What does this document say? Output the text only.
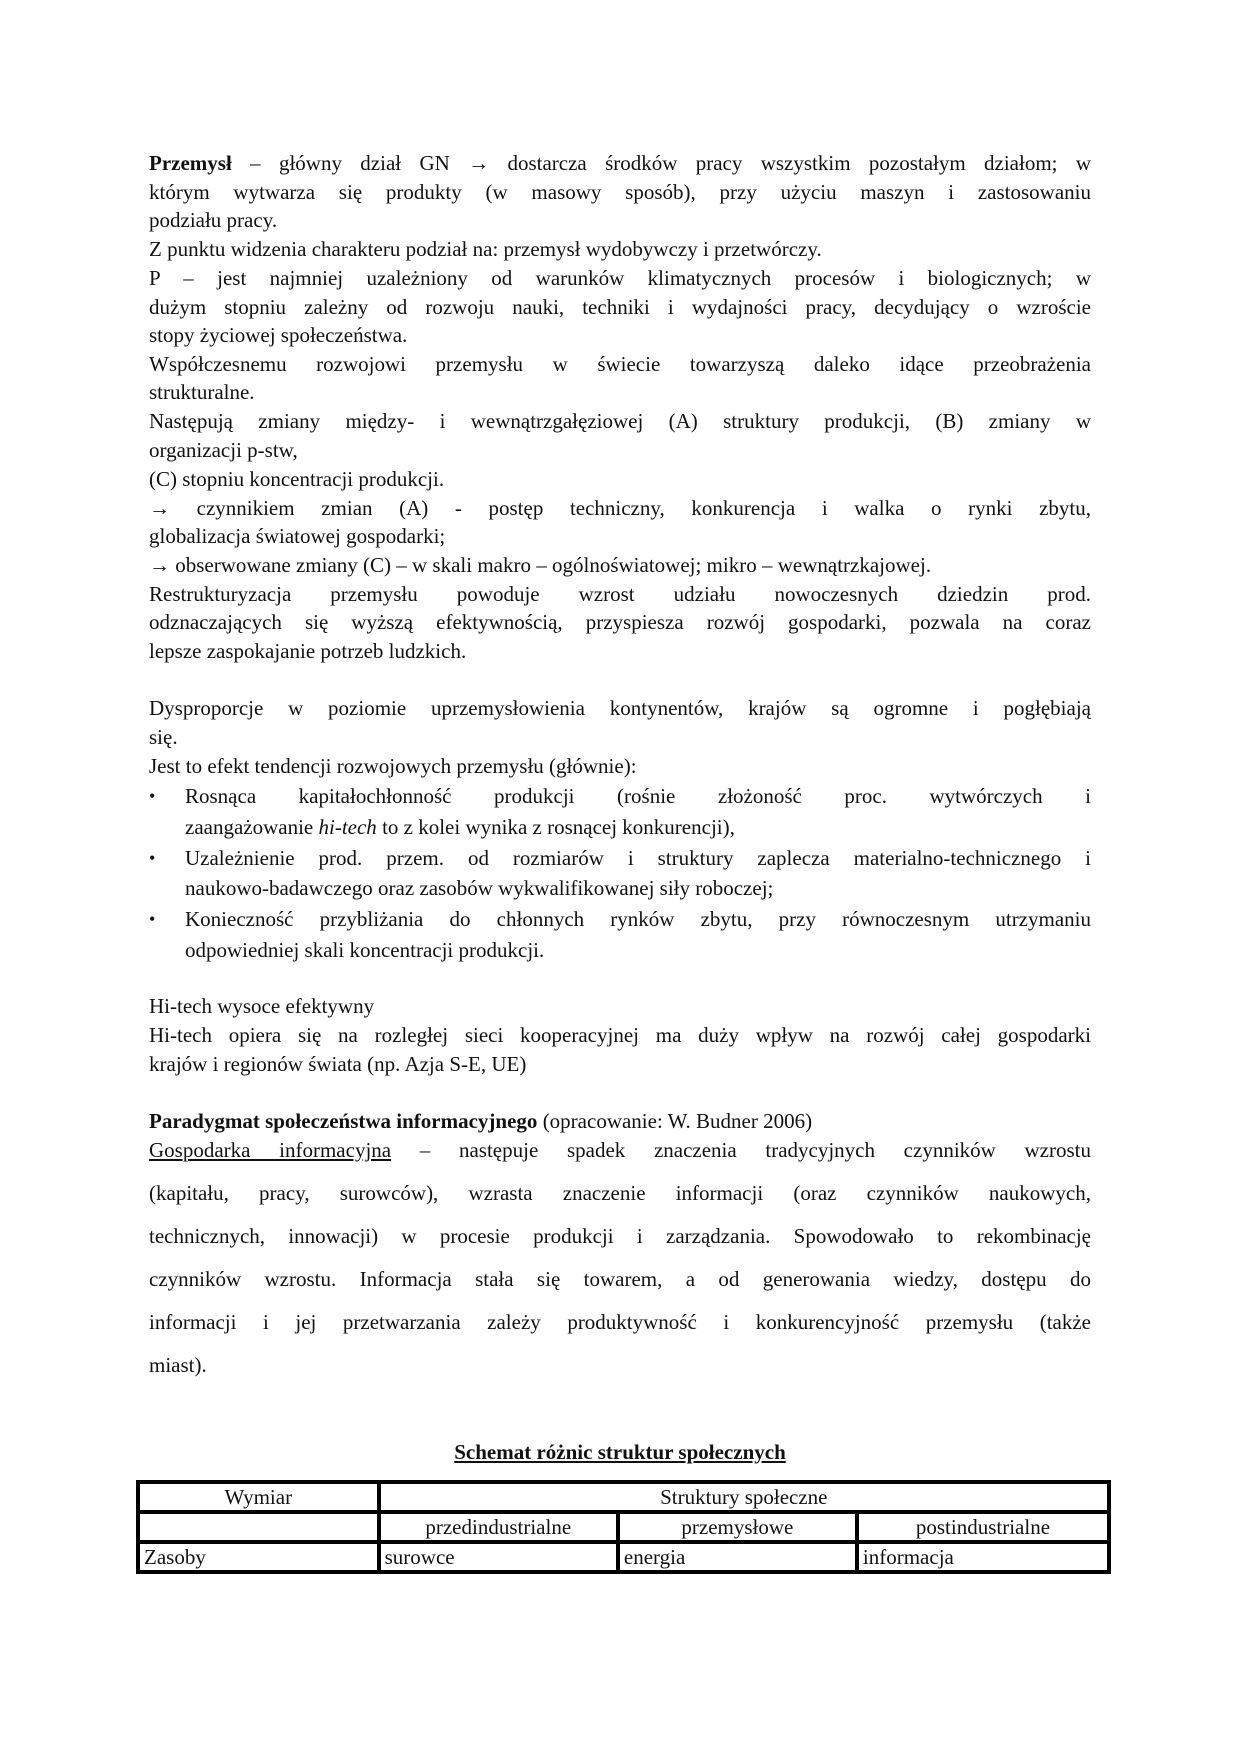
Przemysł – główny dział GN → dostarcza środków pracy wszystkim pozostałym działom; w
którym wytwarza się produkty (w masowy sposób), przy użyciu maszyn i zastosowaniu
podziału pracy.
Z punktu widzenia charakteru podział na: przemysł wydobywczy i przetwórczy.
P – jest najmniej uzależniony od warunków klimatycznych procesów i biologicznych; w
dużym stopniu zależny od rozwoju nauki, techniki i wydajności pracy, decydujący o wzroście
stopy życiowej społeczeństwa.
Współczesnemu rozwojowi przemysłu w świecie towarzyszą daleko idące przeobrażenia
strukturalne.
Następują zmiany między- i wewnątrzgałęziowej (A) struktury produkcji, (B) zmiany w
organizacji p-stw,
(C) stopniu koncentracji produkcji.
→ czynnikiem zmian (A) - postęp techniczny, konkurencja i walka o rynki zbytu,
globalizacja światowej gospodarki;
→ obserwowane zmiany (C) – w skali makro – ogólnoświatowej; mikro – wewnątrzkajowej.
Restrukturyzacja przemysłu powoduje wzrost udziału nowoczesnych dziedzin prod.
odznaczających się wyższą efektywnością, przyspiesza rozwój gospodarki, pozwala na coraz
lepsze zaspokajanie potrzeb ludzkich.
Dysproporcje w poziomie uprzemysłowienia kontynentów, krajów są ogromne i pogłębiają
się.
Jest to efekt tendencji rozwojowych przemysłu (głównie):
Rosnąca kapitałochłonność produkcji (rośnie złożoność proc. wytwórczych i
zaangażowanie hi-tech to z kolei wynika z rosnącej konkurencji),
Uzależnienie prod. przem. od rozmiarów i struktury zaplecza materialno-technicznego i
naukowo-badawczego oraz zasobów wykwalifikowanej siły roboczej;
Konieczność przybliżania do chłonnych rynków zbytu, przy równoczesnym utrzymaniu
odpowiedniej skali koncentracji produkcji.
Hi-tech wysoce efektywny
Hi-tech opiera się na rozległej sieci kooperacyjnej ma duży wpływ na rozwój całej gospodarki
krajów i regionów świata (np. Azja S-E, UE)
Paradygmat społeczeństwa informacyjnego (opracowanie: W. Budner 2006)
Gospodarka informacyjna – następuje spadek znaczenia tradycyjnych czynników wzrostu
(kapitału, pracy, surowców), wzrasta znaczenie informacji (oraz czynników naukowych,
technicznych, innowacji) w procesie produkcji i zarządzania. Spowodowało to rekombinację
czynników wzrostu. Informacja stała się towarem, a od generowania wiedzy, dostępu do
informacji i jej przetwarzania zależy produktywność i konkurencyjność przemysłu (także
miast).
Schemat różnic struktur społecznych
Wymiar	Struktury społeczne		
	przedindustrialne	przemysłowe	postindustrialne
Zasoby	surowce	energia	informacja
•
•
•
